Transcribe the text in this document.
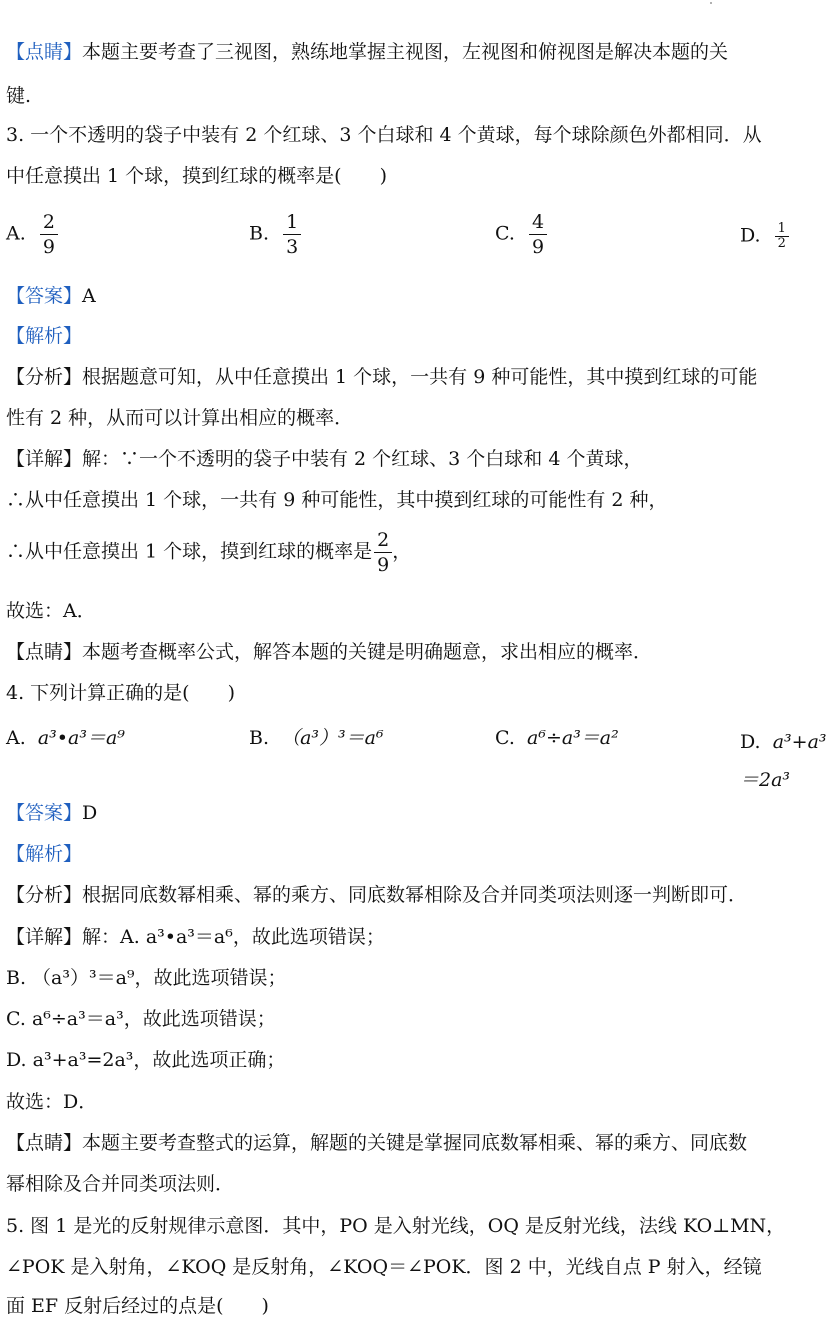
【点睛】本题主要考查了三视图，熟练地掌握主视图，左视图和俯视图是解决本题的关
键.
3. 一个不透明的袋子中装有 2 个红球、3 个白球和 4 个黄球，每个球除颜色外都相同．从
中任意摸出 1 个球，摸到红球的概率是(　　)
A. $\frac{2}{9}$	B. $\frac{1}{3}$	C. $\frac{4}{9}$	D. $\frac{1}{2}$
【答案】A
【解析】
【分析】根据题意可知，从中任意摸出 1 个球，一共有 9 种可能性，其中摸到红球的可能
性有 2 种，从而可以计算出相应的概率．
【详解】解：∵一个不透明的袋子中装有 2 个红球、3 个白球和 4 个黄球，
∴从中任意摸出 1 个球，一共有 9 种可能性，其中摸到红球的可能性有 2 种，
∴从中任意摸出 1 个球，摸到红球的概率是 $\frac{2}{9}$ ，
故选：A．
【点睛】本题考查概率公式，解答本题的关键是明确题意，求出相应的概率．
4. 下列计算正确的是(　　)
A. a³•a³＝a⁹	B. （a³）³＝a⁶	C. a⁶÷a³＝a²	D. a³+a³＝2a³
【答案】D
【解析】
【分析】根据同底数幂相乘、幂的乘方、同底数幂相除及合并同类项法则逐一判断即可．
【详解】解：A. a³•a³＝a⁶，故此选项错误；
B. （a³）³＝a⁹，故此选项错误；
C. a⁶÷a³＝a³，故此选项错误；
D. a³+a³=2a³，故此选项正确；
故选：D．
【点睛】本题主要考查整式的运算，解题的关键是掌握同底数幂相乘、幂的乘方、同底数
幂相除及合并同类项法则．
5. 图 1 是光的反射规律示意图．其中，PO 是入射光线，OQ 是反射光线，法线 KO⊥MN，
∠POK 是入射角，∠KOQ 是反射角，∠KOQ＝∠POK．图 2 中，光线自点 P 射入，经镜
面 EF 反射后经过的点是(　　)
